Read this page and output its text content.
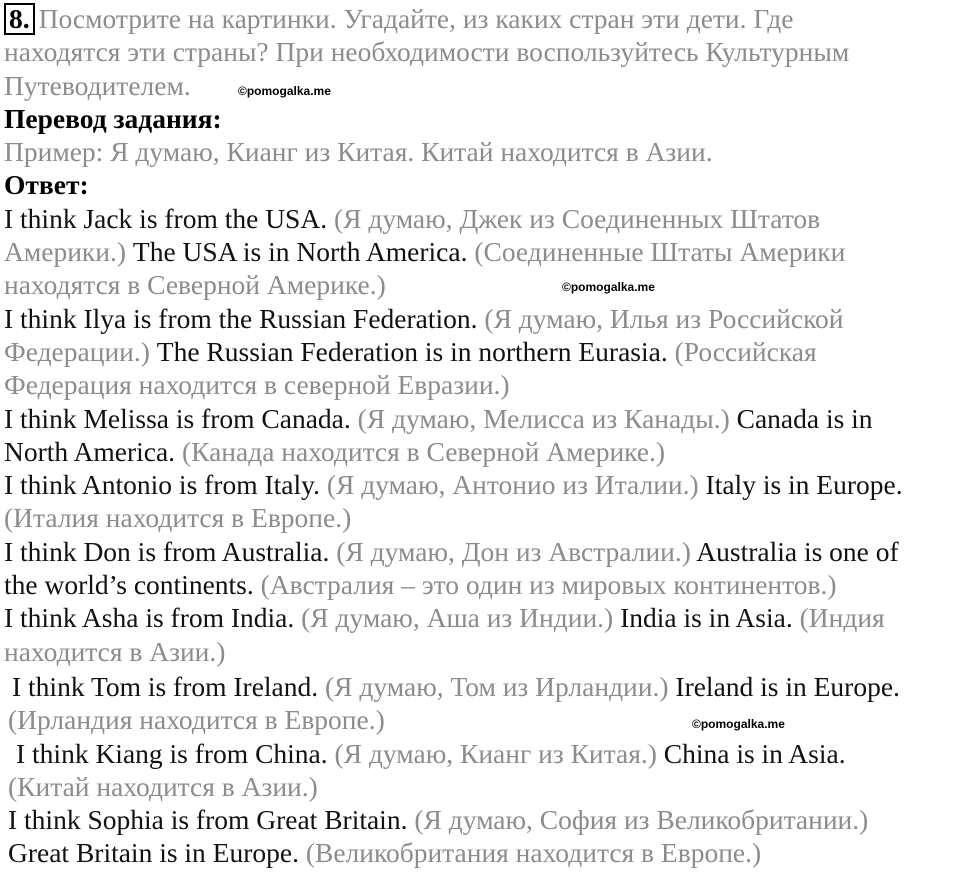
8. Посмотрите на картинки. Угадайте, из каких стран эти дети. Где
находятся эти страны? При необходимости воспользуйтесь Культурным
Путеводителем.
Перевод задания:
Пример: Я думаю, Кианг из Китая. Китай находится в Азии.
Ответ:
I think Jack is from the USA. (Я думаю, Джек из Соединенных Штатов
Америки.) The USA is in North America. (Соединенные Штаты Америки
находятся в Северной Америке.)
I think Ilya is from the Russian Federation. (Я думаю, Илья из Российской
Федерации.) The Russian Federation is in northern Eurasia. (Российская
Федерация находится в северной Евразии.)
I think Melissa is from Canada. (Я думаю, Мелисса из Канады.) Canada is in
North America. (Канада находится в Северной Америке.)
I think Antonio is from Italy. (Я думаю, Антонио из Италии.) Italy is in Europe.
(Италия находится в Европе.)
I think Don is from Australia. (Я думаю, Дон из Австралии.) Australia is one of
the world’s continents. (Австралия – это один из мировых континентов.)
I think Asha is from India. (Я думаю, Аша из Индии.) India is in Asia. (Индия
находится в Азии.)
I think Tom is from Ireland. (Я думаю, Том из Ирландии.) Ireland is in Europe.
(Ирландия находится в Европе.)
I think Kiang is from China. (Я думаю, Кианг из Китая.) China is in Asia.
(Китай находится в Азии.)
I think Sophia is from Great Britain. (Я думаю, София из Великобритании.)
Great Britain is in Europe. (Великобритания находится в Европе.)
©pomogalka.me
©pomogalka.me
©pomogalka.me
